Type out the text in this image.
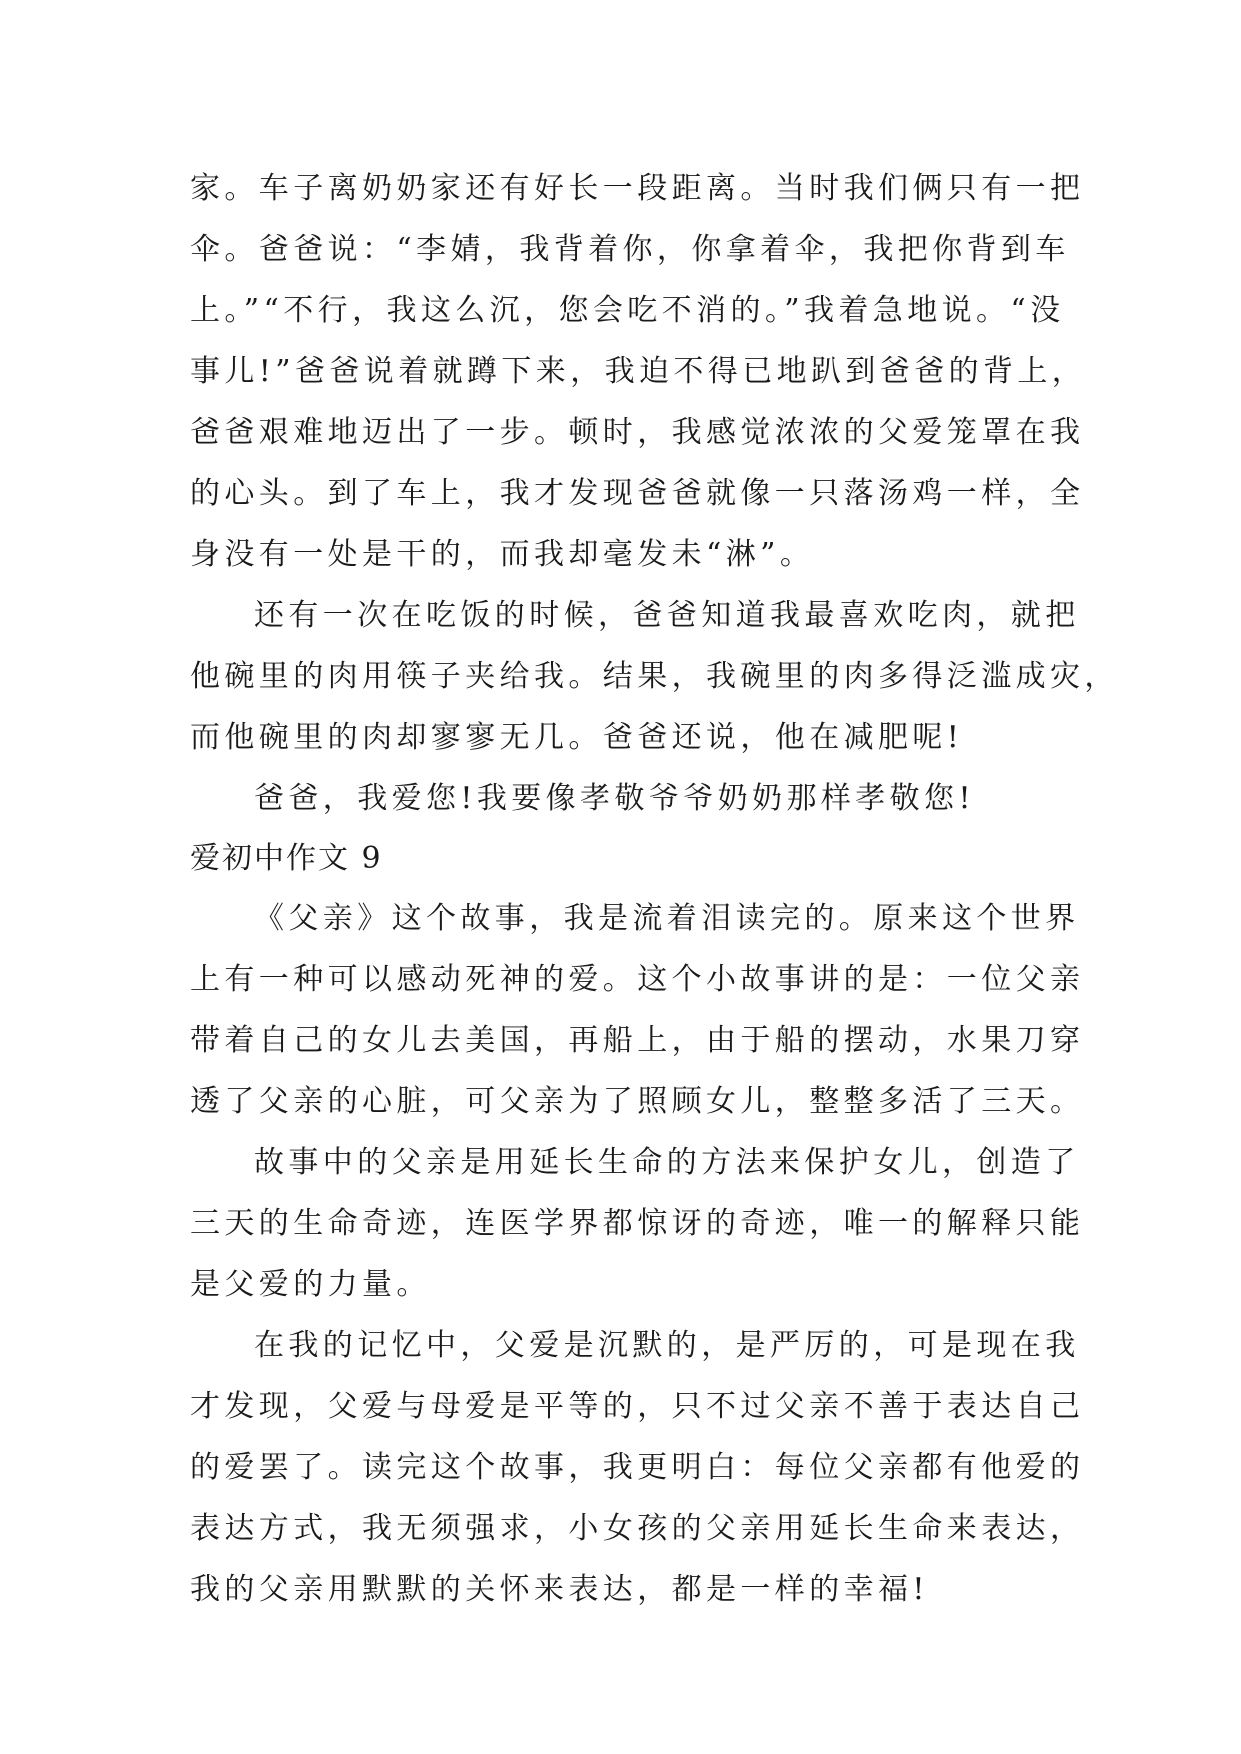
家。车子离奶奶家还有好长一段距离。当时我们俩只有一把
伞。爸爸说：“李婧，我背着你，你拿着伞，我把你背到车
上。”“不行，我这么沉，您会吃不消的。”我着急地说。“没
事儿!”爸爸说着就蹲下来，我迫不得已地趴到爸爸的背上，
爸爸艰难地迈出了一步。顿时，我感觉浓浓的父爱笼罩在我
的心头。到了车上，我才发现爸爸就像一只落汤鸡一样，全
身没有一处是干的，而我却毫发未“淋”。
还有一次在吃饭的时候，爸爸知道我最喜欢吃肉，就把
他碗里的肉用筷子夹给我。结果，我碗里的肉多得泛滥成灾，
而他碗里的肉却寥寥无几。爸爸还说，他在减肥呢!
爸爸，我爱您!我要像孝敬爷爷奶奶那样孝敬您!
爱初中作文 9
《父亲》这个故事，我是流着泪读完的。原来这个世界
上有一种可以感动死神的爱。这个小故事讲的是：一位父亲
带着自己的女儿去美国，再船上，由于船的摆动，水果刀穿
透了父亲的心脏，可父亲为了照顾女儿，整整多活了三天。
故事中的父亲是用延长生命的方法来保护女儿，创造了
三天的生命奇迹，连医学界都惊讶的奇迹，唯一的解释只能
是父爱的力量。
在我的记忆中，父爱是沉默的，是严厉的，可是现在我
才发现，父爱与母爱是平等的，只不过父亲不善于表达自己
的爱罢了。读完这个故事，我更明白：每位父亲都有他爱的
表达方式，我无须强求，小女孩的父亲用延长生命来表达，
我的父亲用默默的关怀来表达，都是一样的幸福!
